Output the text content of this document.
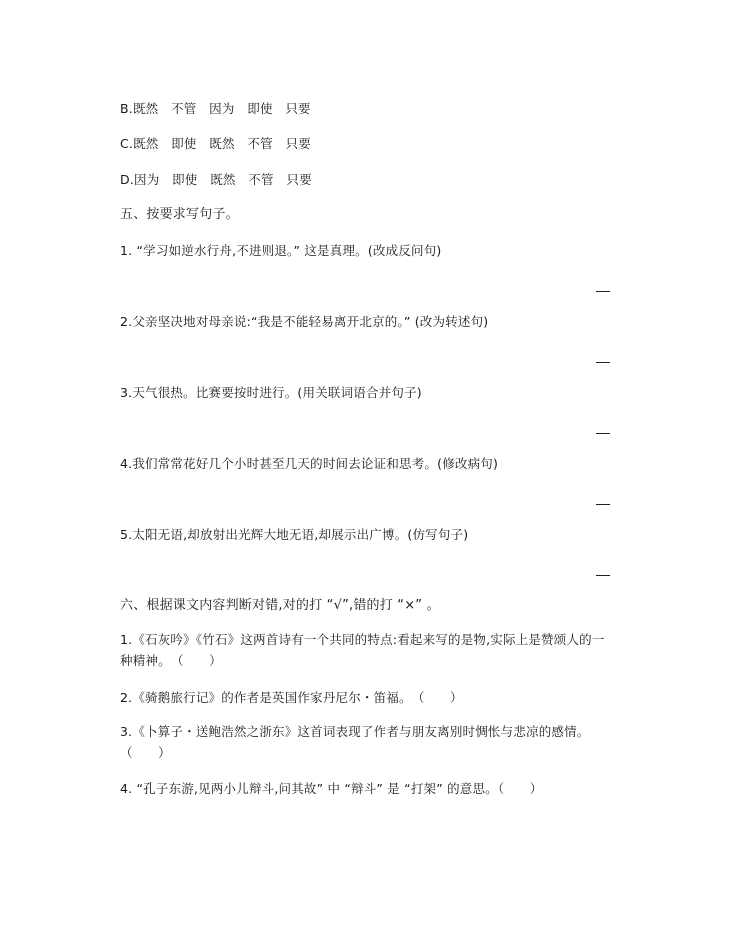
B.既然　不管　因为　即使　只要
C.既然　即使　既然　不管　只要
D.因为　即使　既然　不管　只要
五、按要求写句子。
1. “学习如逆水行舟,不进则退。” 这是真理。(改成反问句)
2.父亲坚决地对母亲说:“我是不能轻易离开北京的。” (改为转述句)
3.天气很热。比赛要按时进行。(用关联词语合并句子)
4.我们常常花好几个小时甚至几天的时间去论证和思考。(修改病句)
5.太阳无语,却放射出光辉大地无语,却展示出广博。(仿写句子)
六、根据课文内容判断对错,对的打 “√”,错的打 “×” 。
1.《石灰吟》《竹石》这两首诗有一个共同的特点:看起来写的是物,实际上是赞颂人的一种精神。　（　　）
2.《骑鹅旅行记》的作者是英国作家丹尼尔・笛福。　（　　）
3.《卜算子・送鲍浩然之浙东》这首词表现了作者与朋友离别时惆怅与悲凉的感情。（　　）
4. “孔子东游,见两小儿辩斗,问其故” 中 “辩斗” 是 “打架” 的意思。（　　）
